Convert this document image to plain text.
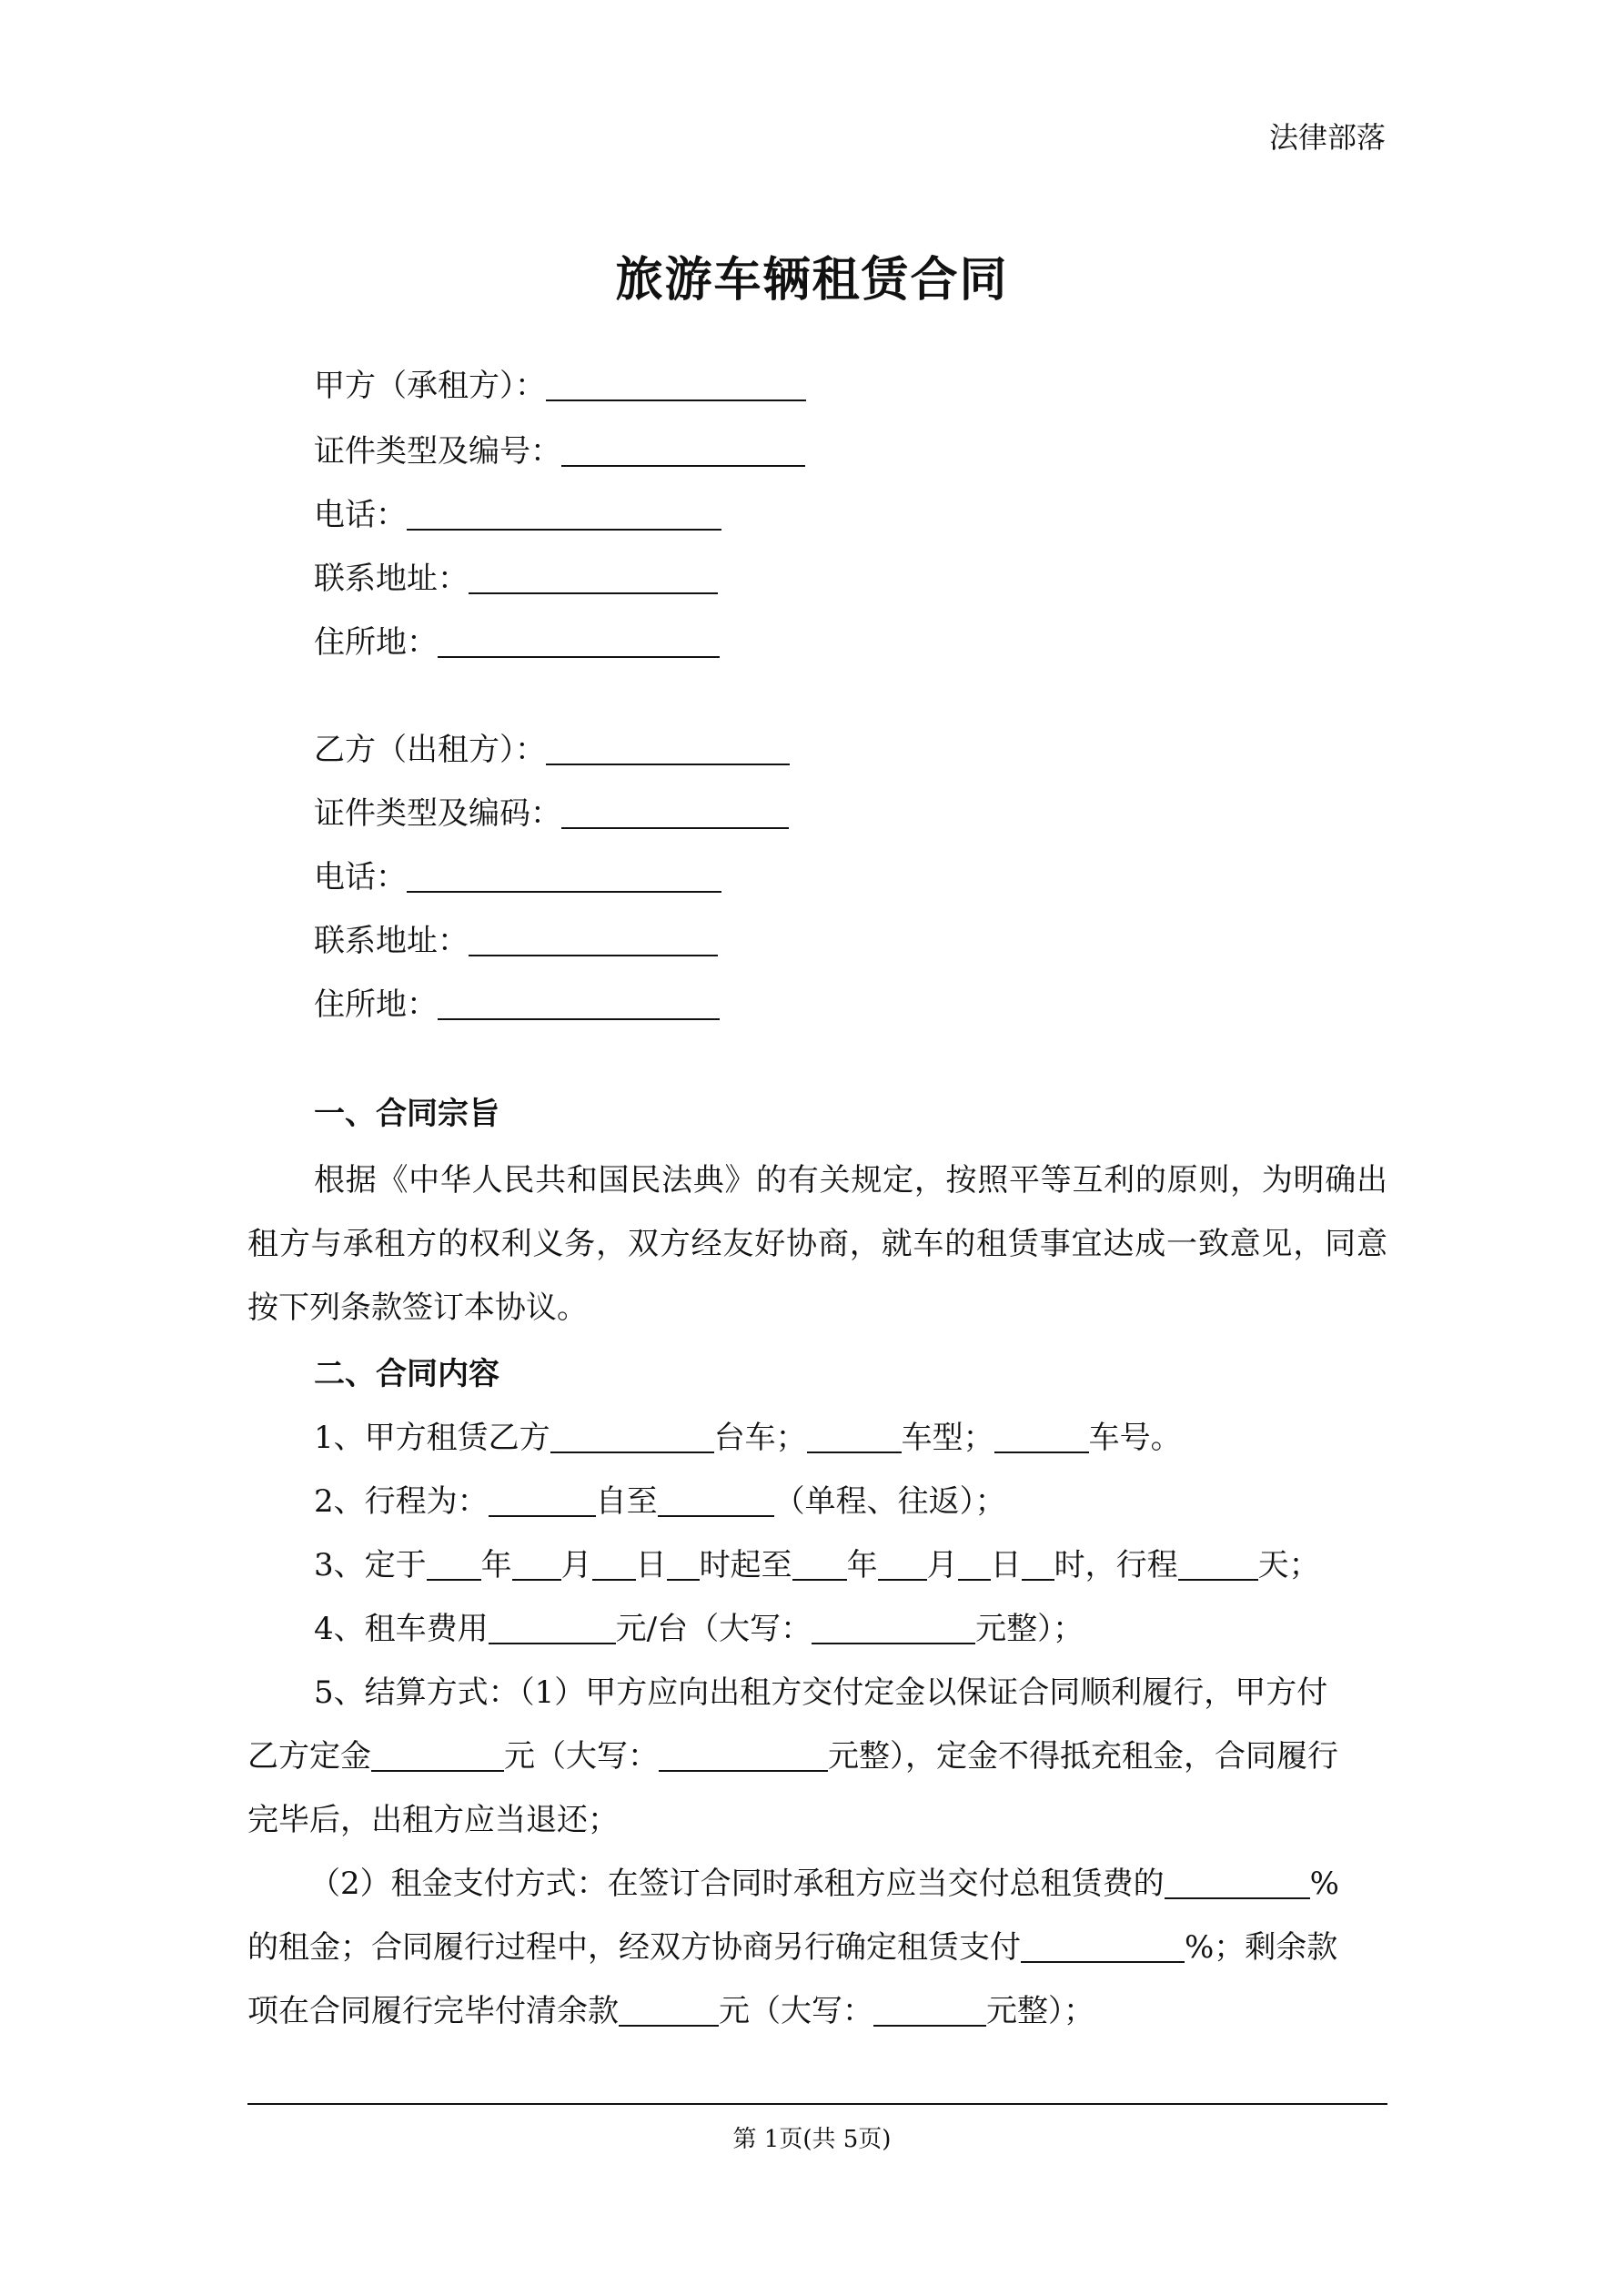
法律部落
旅游车辆租赁合同
甲方（承租方）：
证件类型及编号：
电话：
联系地址：
住所地：
乙方（出租方）：
证件类型及编码：
电话：
联系地址：
住所地：
一、合同宗旨
根据《中华人民共和国民法典》的有关规定，按照平等互利的原则，为明确出租方与承租方的权利义务，双方经友好协商，就车的租赁事宜达成一致意见，同意按下列条款签订本协议。
二、合同内容
1、甲方租赁乙方	台车；	车型；	车号。
2、行程为：	自至	（单程、往返）；
3、定于 年 月 日 时起至 年 月 日 时，行程	天；
4、租车费用	元/台（大写：	元整）；
5、结算方式：（1）甲方应向出租方交付定金以保证合同顺利履行，甲方付
乙方定金	元（大写：	元整），定金不得抵充租金，合同履行
完毕后，出租方应当退还；
（2）租金支付方式：在签订合同时承租方应当交付总租赁费的	%
的租金；合同履行过程中，经双方协商另行确定租赁支付	%；剩余款
项在合同履行完毕付清余款	元（大写：	元整）；
第 1页(共 5页)
